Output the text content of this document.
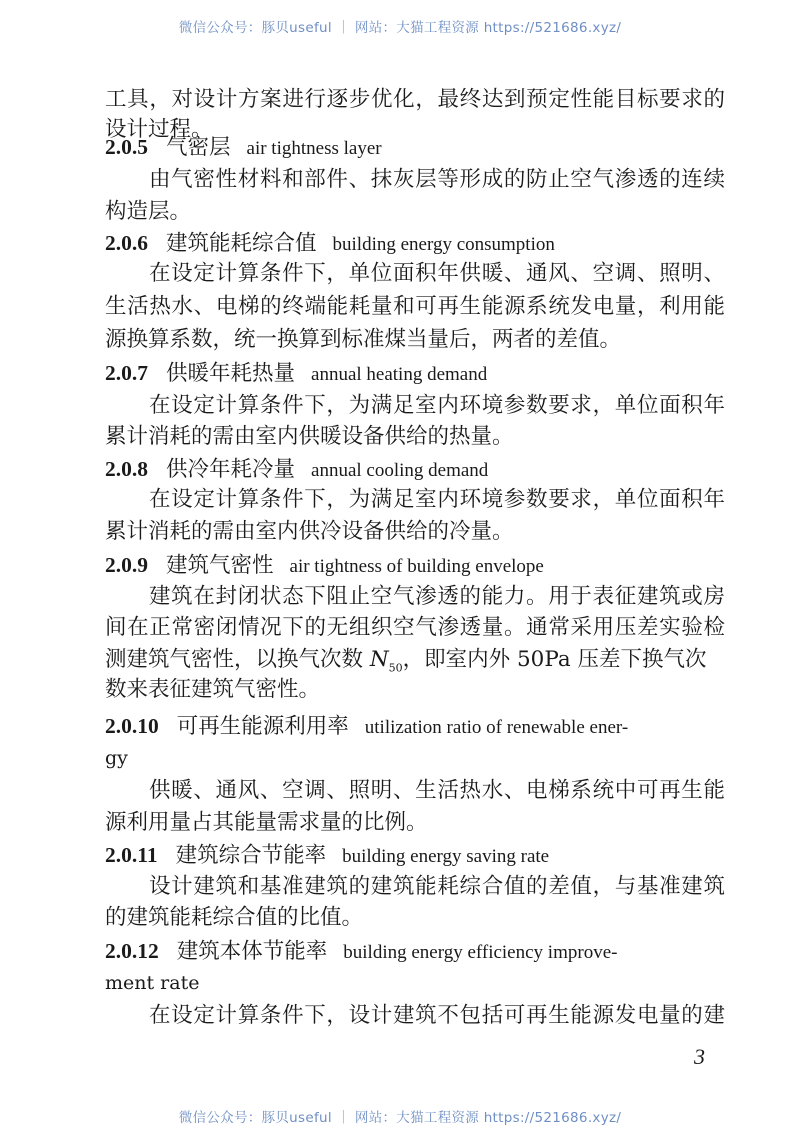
微信公众号：豚贝useful ｜ 网站：大猫工程资源 https://521686.xyz/
工具，对设计方案进行逐步优化，最终达到预定性能目标要求的
设计过程。
2.0.5 气密层 air tightness layer
由气密性材料和部件、抹灰层等形成的防止空气渗透的连续
构造层。
2.0.6 建筑能耗综合值 building energy consumption
在设定计算条件下，单位面积年供暖、通风、空调、照明、
生活热水、电梯的终端能耗量和可再生能源系统发电量，利用能
源换算系数，统一换算到标准煤当量后，两者的差值。
2.0.7 供暖年耗热量 annual heating demand
在设定计算条件下，为满足室内环境参数要求，单位面积年
累计消耗的需由室内供暖设备供给的热量。
2.0.8 供冷年耗冷量 annual cooling demand
在设定计算条件下，为满足室内环境参数要求，单位面积年
累计消耗的需由室内供冷设备供给的冷量。
2.0.9 建筑气密性 air tightness of building envelope
建筑在封闭状态下阻止空气渗透的能力。用于表征建筑或房
间在正常密闭情况下的无组织空气渗透量。通常采用压差实验检
测建筑气密性，以换气次数 $N_{50}$，即室内外 50Pa 压差下换气次
数来表征建筑气密性。
2.0.10 可再生能源利用率 utilization ratio of renewable ener-
gy
供暖、通风、空调、照明、生活热水、电梯系统中可再生能
源利用量占其能量需求量的比例。
2.0.11 建筑综合节能率 building energy saving rate
设计建筑和基准建筑的建筑能耗综合值的差值，与基准建筑
的建筑能耗综合值的比值。
2.0.12 建筑本体节能率 building energy efficiency improve-
ment rate
在设定计算条件下，设计建筑不包括可再生能源发电量的建
3
微信公众号：豚贝useful ｜ 网站：大猫工程资源 https://521686.xyz/
